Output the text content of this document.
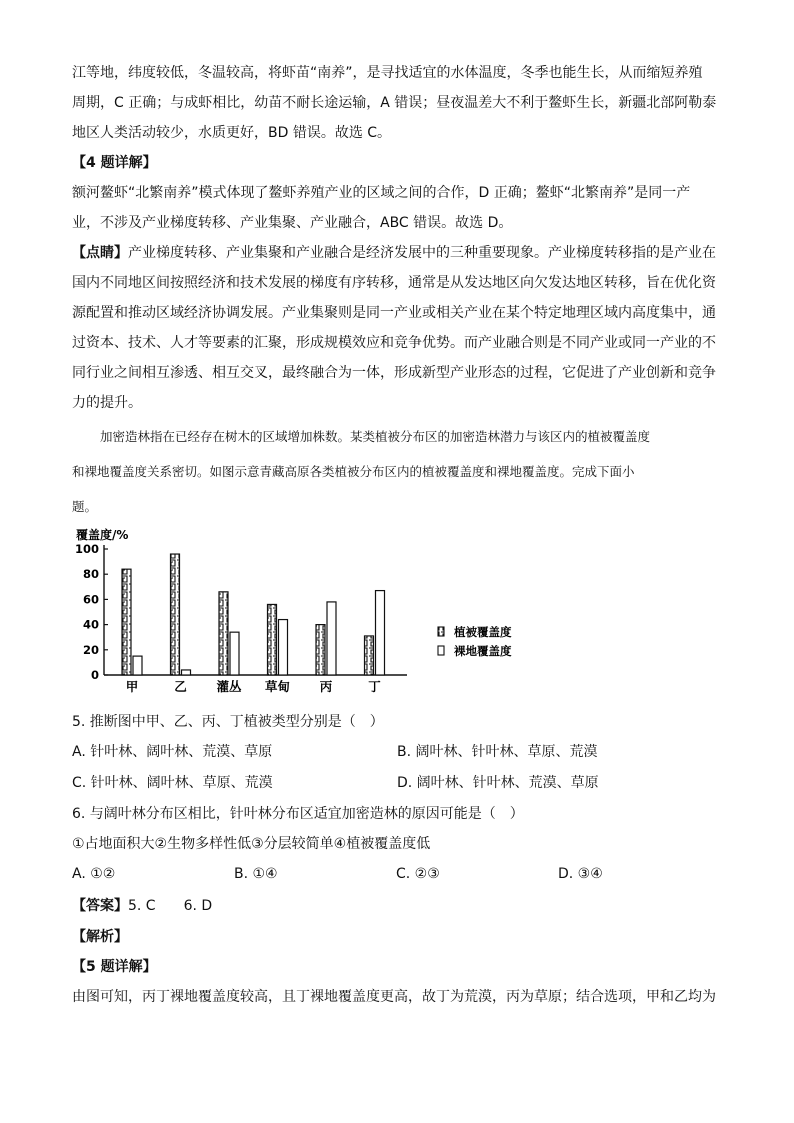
江等地，纬度较低，冬温较高，将虾苗“南养”，是寻找适宜的水体温度，冬季也能生长，从而缩短养殖

周期，C 正确；与成虾相比，幼苗不耐长途运输，A 错误；昼夜温差大不利于鳌虾生长，新疆北部阿勒泰

地区人类活动较少，水质更好，BD 错误。故选 C。

【4 题详解】

额河鳌虾“北繁南养”模式体现了鳌虾养殖产业的区域之间的合作，D 正确；鳌虾“北繁南养”是同一产

业，不涉及产业梯度转移、产业集聚、产业融合，ABC 错误。故选 D。

【点睛】产业梯度转移、产业集聚和产业融合是经济发展中的三种重要现象。产业梯度转移指的是产业在

国内不同地区间按照经济和技术发展的梯度有序转移，通常是从发达地区向欠发达地区转移，旨在优化资

源配置和推动区域经济协调发展。产业集聚则是同一产业或相关产业在某个特定地理区域内高度集中，通

过资本、技术、人才等要素的汇聚，形成规模效应和竞争优势。而产业融合则是不同产业或同一产业的不

同行业之间相互渗透、相互交叉，最终融合为一体，形成新型产业形态的过程，它促进了产业创新和竞争

力的提升。

加密造林指在已经存在树木的区域增加株数。某类植被分布区的加密造林潜力与该区内的植被覆盖度

和裸地覆盖度关系密切。如图示意青藏高原各类植被分布区内的植被覆盖度和裸地覆盖度。完成下面小

题。

覆盖度/%
0
20
40
60
80
100
甲	乙 灌丛 草甸 丙	丁
植被覆盖度
裸地覆盖度

5. 推断图中甲、乙、丙、丁植被类型分别是（　）

A. 针叶林、阔叶林、荒漠、草原	B. 阔叶林、针叶林、草原、荒漠
C. 针叶林、阔叶林、草原、荒漠	D. 阔叶林、针叶林、荒漠、草原

6. 与阔叶林分布区相比，针叶林分布区适宜加密造林的原因可能是（　）

①占地面积大②生物多样性低③分层较简单④植被覆盖度低

A. ①②	B. ①④	C. ②③	D. ③④

【答案】5. C 6. D

【解析】

【5 题详解】

由图可知，丙丁裸地覆盖度较高，且丁裸地覆盖度更高，故丁为荒漠，丙为草原；结合选项，甲和乙均为
